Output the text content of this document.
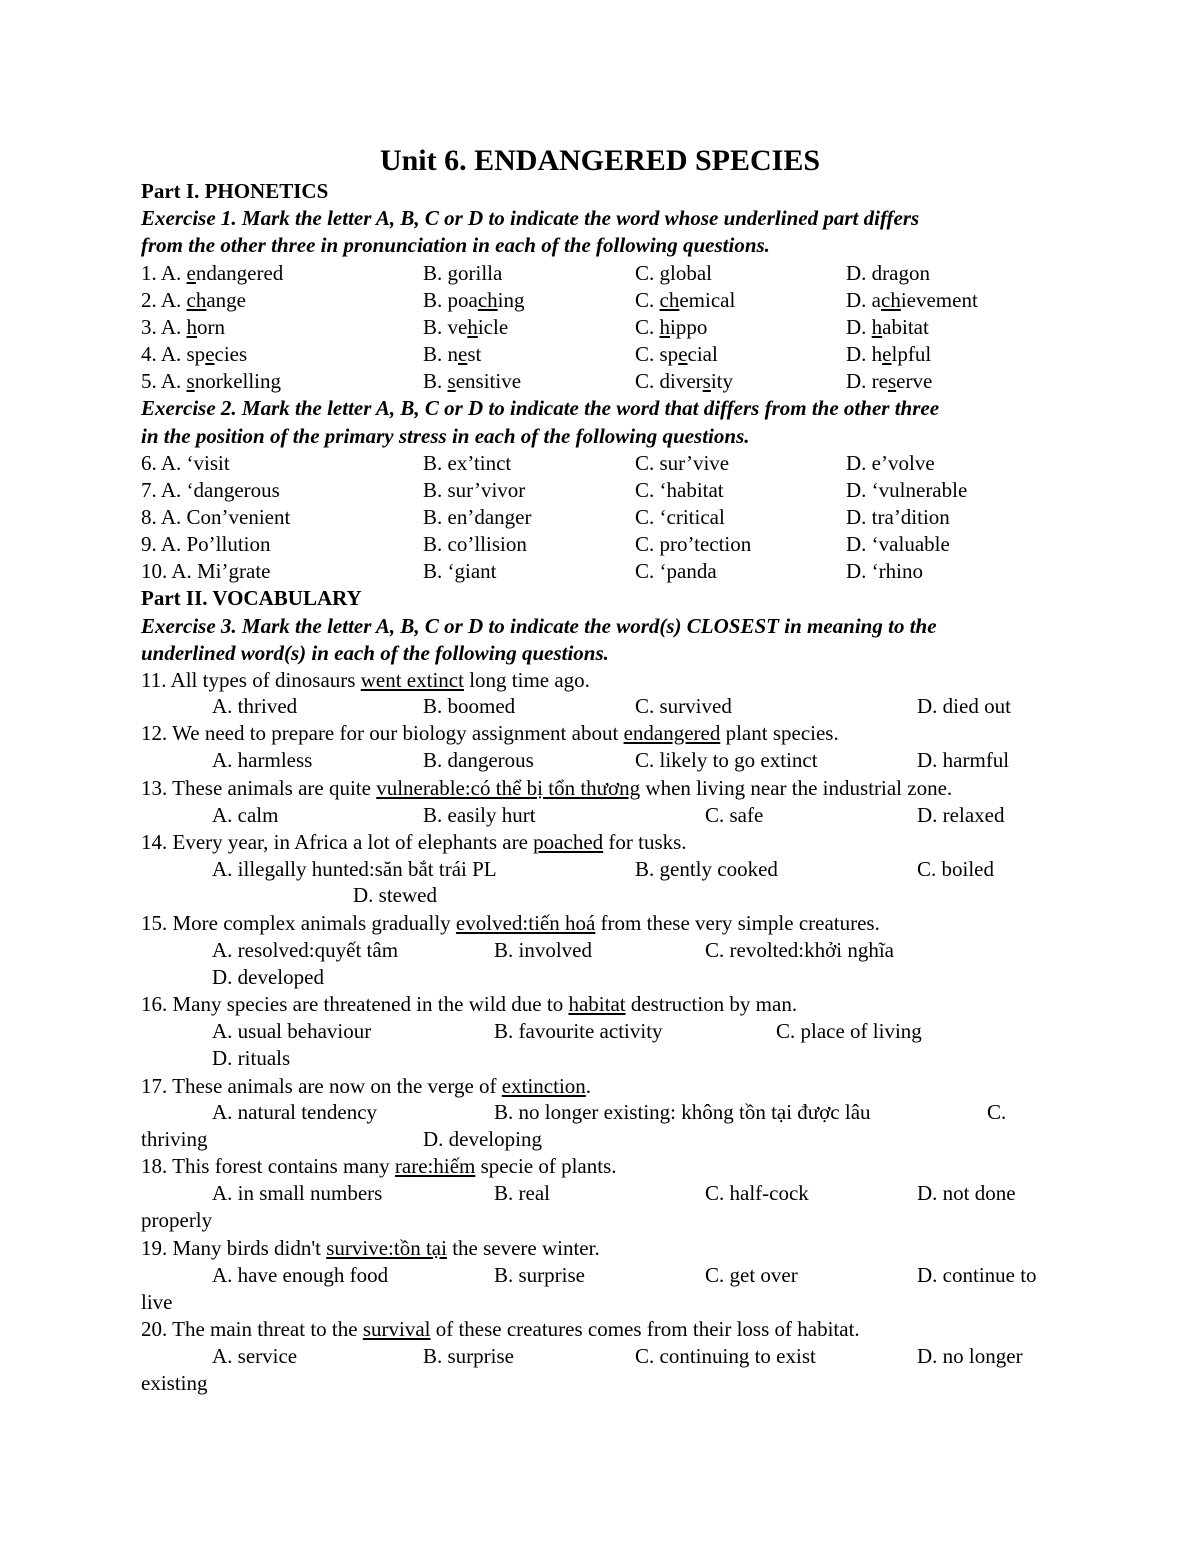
Unit 6. ENDANGERED SPECIES
Part I. PHONETICS
Exercise 1. Mark the letter A, B, C or D to indicate the word whose underlined part differs
from the other three in pronunciation in each of the following questions.
1. A. endangered	B. gorilla	C. global	D. dragon
2. A. change	B. poaching	C. chemical	D. achievement
3. A. horn	B. vehicle	C. hippo	D. habitat
4. A. species	B. nest	C. special	D. helpful
5. A. snorkelling	B. sensitive	C. diversity	D. reserve
Exercise 2. Mark the letter A, B, C or D to indicate the word that differs from the other three
in the position of the primary stress in each of the following questions.
6. A. ‘visit	B. ex’tinct	C. sur’vive	D. e’volve
7. A. ‘dangerous	B. sur’vivor	C. ‘habitat	D. ‘vulnerable
8. A. Con’venient	B. en’danger	C. ‘critical	D. tra’dition
9. A. Po’llution	B. co’llision	C. pro’tection	D. ‘valuable
10. A. Mi’grate	B. ‘giant	C. ‘panda	D. ‘rhino
Part II. VOCABULARY
Exercise 3. Mark the letter A, B, C or D to indicate the word(s) CLOSEST in meaning to the
underlined word(s) in each of the following questions.
11. All types of dinosaurs went extinct long time ago.
A. thrived	B. boomed	C. survived	D. died out
12. We need to prepare for our biology assignment about endangered plant species.
A. harmless	B. dangerous	C. likely to go extinct	D. harmful
13. These animals are quite vulnerable:có thể bị tổn thương when living near the industrial zone.
A. calm	B. easily hurt	C. safe	D. relaxed
14. Every year, in Africa a lot of elephants are poached for tusks.
A. illegally hunted:săn bắt trái PL	B. gently cooked	C. boiled
D. stewed
15. More complex animals gradually evolved:tiến hoá from these very simple creatures.
A. resolved:quyết tâm	B. involved	C. revolted:khởi nghĩa
D. developed
16. Many species are threatened in the wild due to habitat destruction by man.
A. usual behaviour	B. favourite activity	C. place of living
D. rituals
17. These animals are now on the verge of extinction.
A. natural tendency	B. no longer existing: không tồn tại được lâu	C.
thriving	D. developing
18. This forest contains many rare:hiếm specie of plants.
A. in small numbers	B. real	C. half-cock	D. not done
properly
19. Many birds didn't survive:tồn tại the severe winter.
A. have enough food	B. surprise	C. get over	D. continue to
live
20. The main threat to the survival of these creatures comes from their loss of habitat.
A. service	B. surprise	C. continuing to exist	D. no longer
existing
